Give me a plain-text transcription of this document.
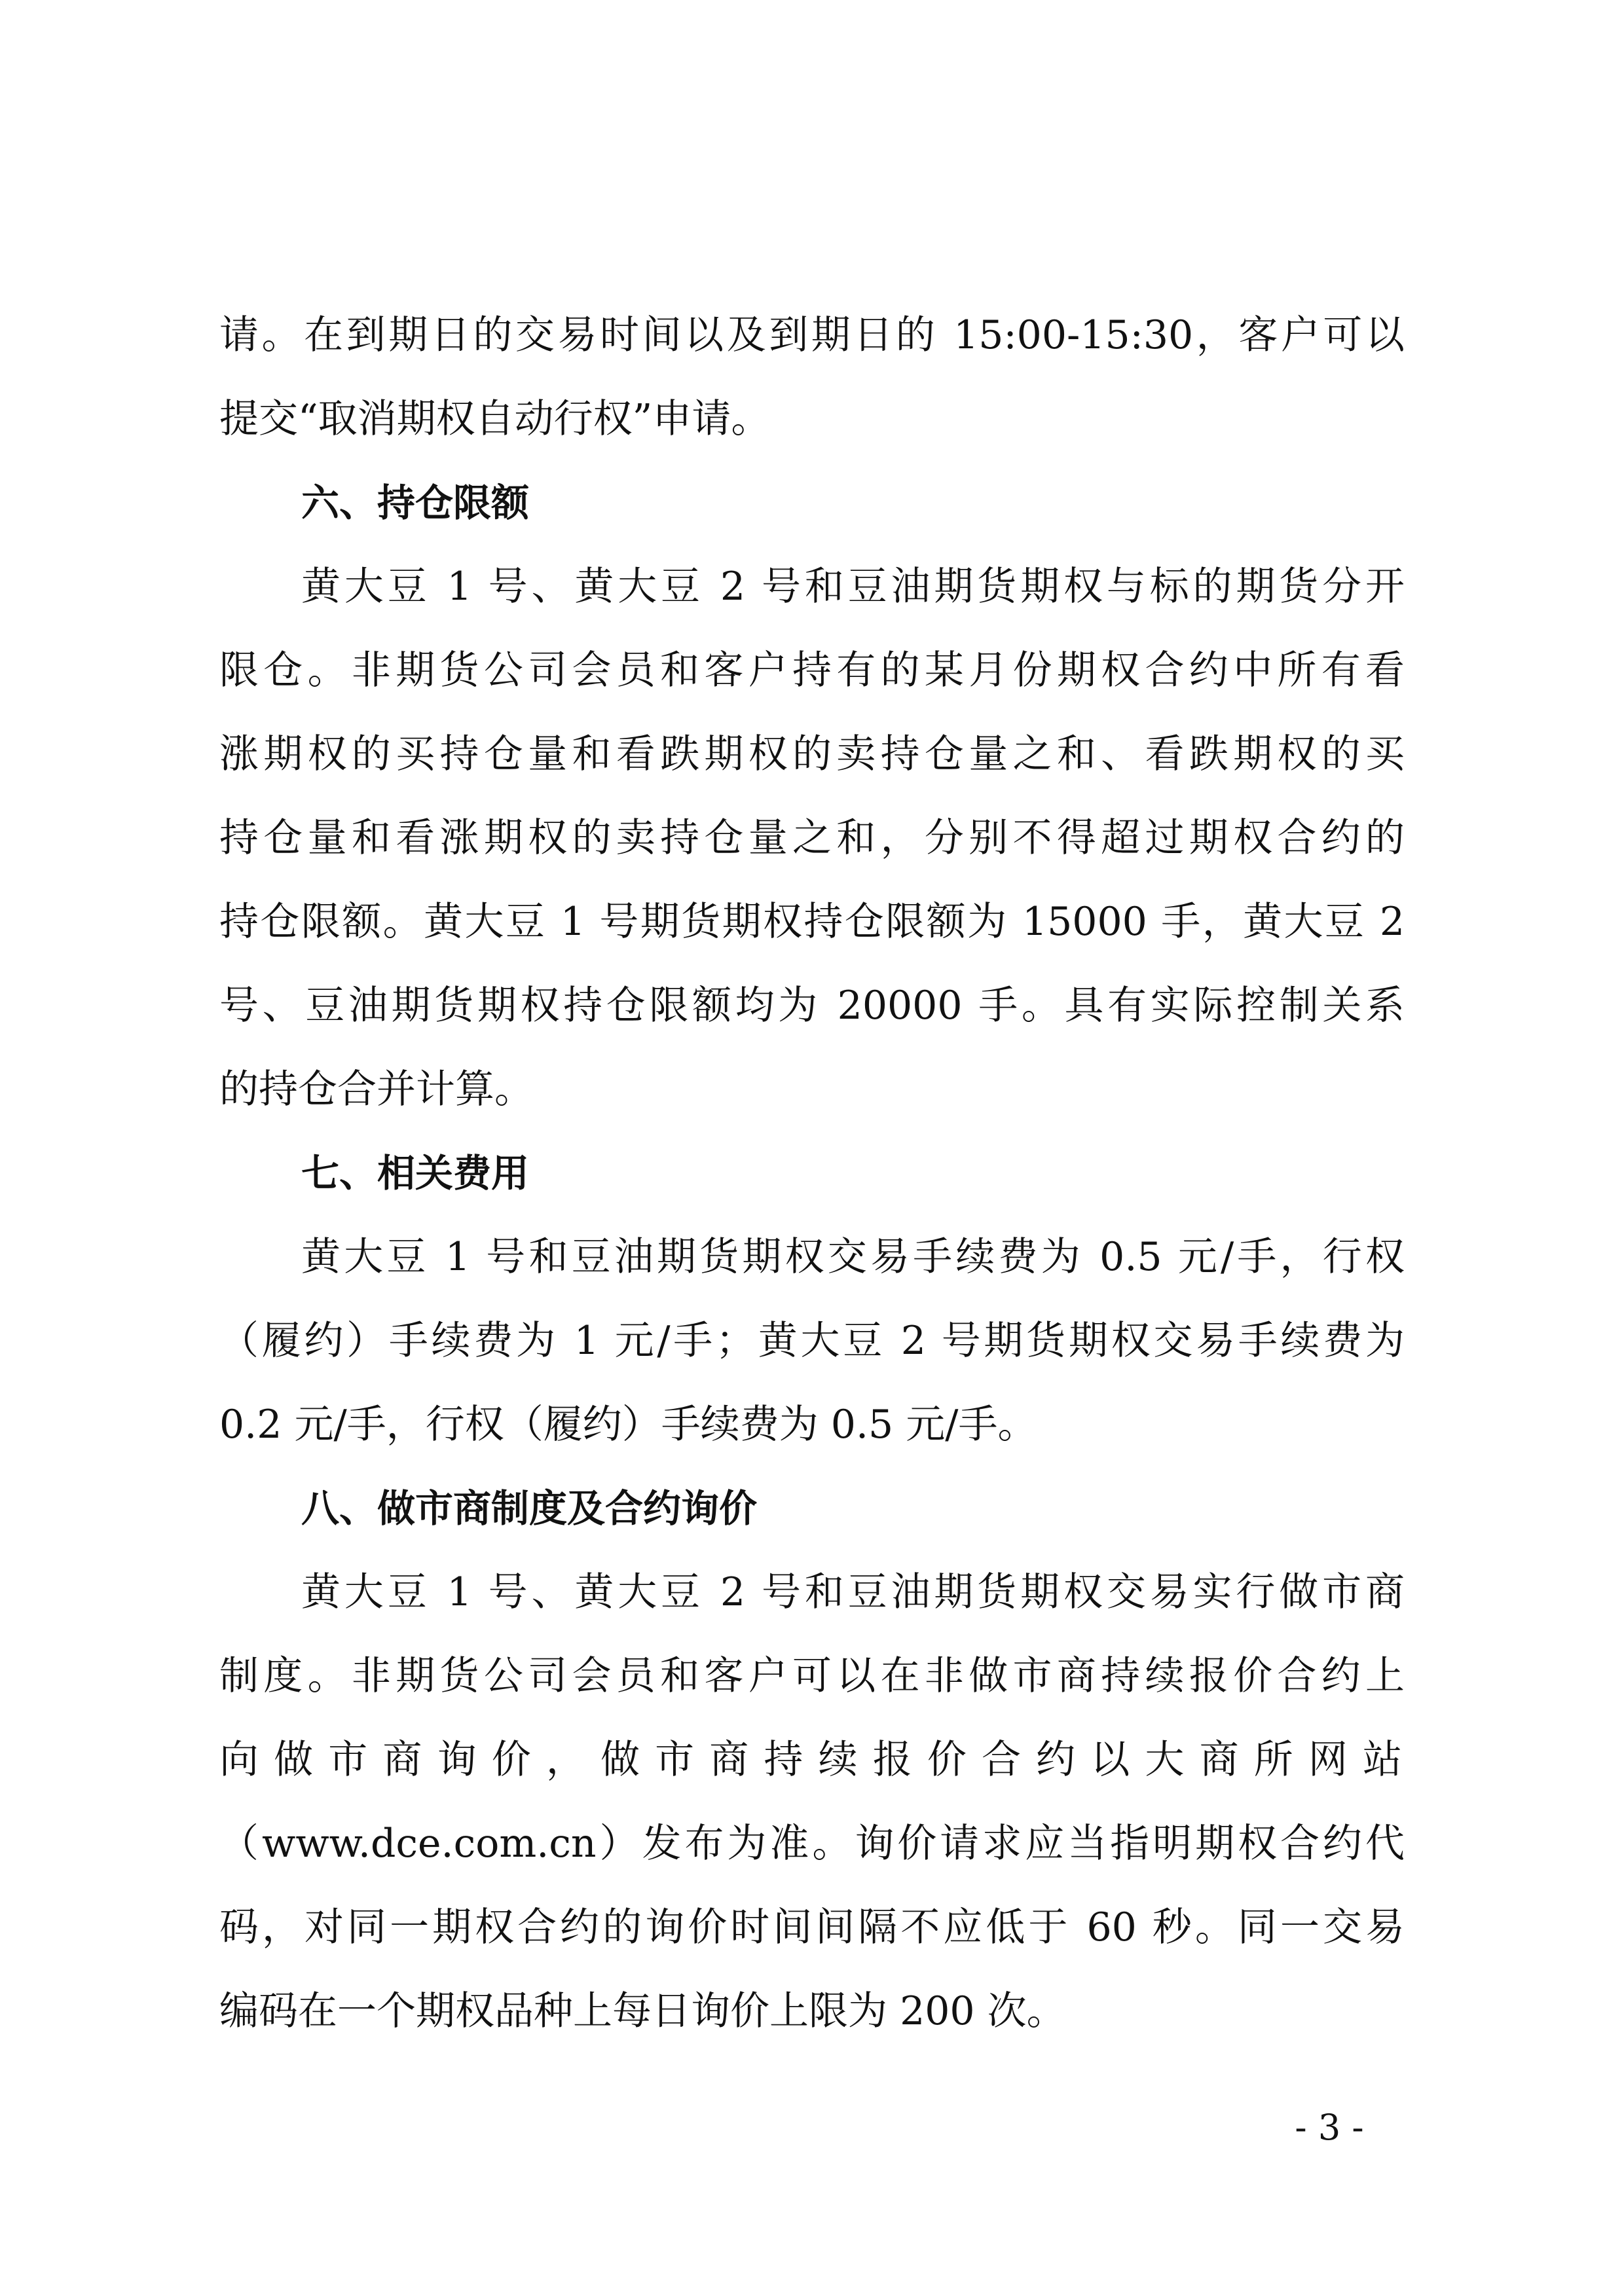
请。在到期日的交易时间以及到期日的 15:00-15:30，客户可以
提交“取消期权自动行权”申请。
六、持仓限额
黄大豆 1 号、黄大豆 2 号和豆油期货期权与标的期货分开
限仓。非期货公司会员和客户持有的某月份期权合约中所有看
涨期权的买持仓量和看跌期权的卖持仓量之和、看跌期权的买
持仓量和看涨期权的卖持仓量之和，分别不得超过期权合约的
持仓限额。黄大豆 1 号期货期权持仓限额为 15000 手，黄大豆 2
号、豆油期货期权持仓限额均为 20000 手。具有实际控制关系
的持仓合并计算。
七、相关费用
黄大豆 1 号和豆油期货期权交易手续费为 0.5 元/手，行权
（履约）手续费为 1 元/手；黄大豆 2 号期货期权交易手续费为
0.2 元/手，行权（履约）手续费为 0.5 元/手。
八、做市商制度及合约询价
黄大豆 1 号、黄大豆 2 号和豆油期货期权交易实行做市商
制度。非期货公司会员和客户可以在非做市商持续报价合约上
向做市商询价，做市商持续报价合约以大商所网站
（www.dce.com.cn）发布为准。询价请求应当指明期权合约代
码，对同一期权合约的询价时间间隔不应低于 60 秒。同一交易
编码在一个期权品种上每日询价上限为 200 次。
- 3 -
